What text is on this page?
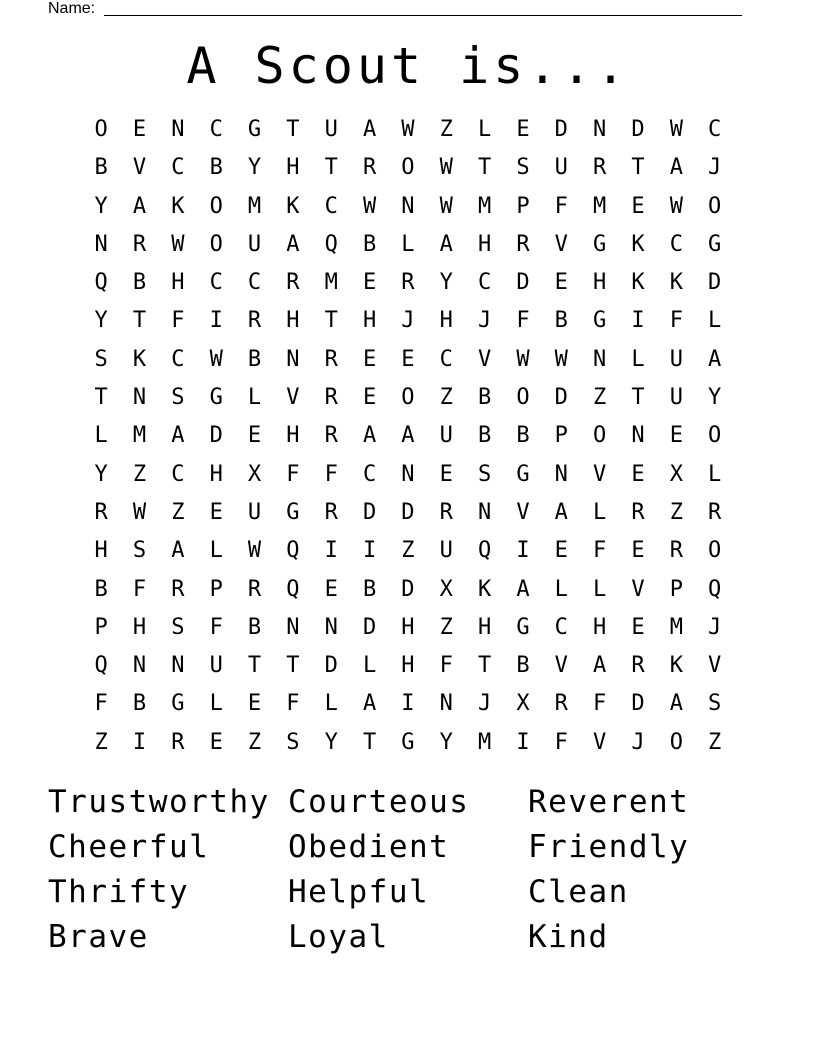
Name:
A Scout is...
O	E	N	C	G	T	U	A	W	Z	L	E	D	N	D	W	C
B	V	C	B	Y	H	T	R	O	W	T	S	U	R	T	A	J
Y	A	K	O	M	K	C	W	N	W	M	P	F	M	E	W	O
N	R	W	O	U	A	Q	B	L	A	H	R	V	G	K	C	G
Q	B	H	C	C	R	M	E	R	Y	C	D	E	H	K	K	D
Y	T	F	I	R	H	T	H	J	H	J	F	B	G	I	F	L
S	K	C	W	B	N	R	E	E	C	V	W	W	N	L	U	A
T	N	S	G	L	V	R	E	O	Z	B	O	D	Z	T	U	Y
L	M	A	D	E	H	R	A	A	U	B	B	P	O	N	E	O
Y	Z	C	H	X	F	F	C	N	E	S	G	N	V	E	X	L
R	W	Z	E	U	G	R	D	D	R	N	V	A	L	R	Z	R
H	S	A	L	W	Q	I	I	Z	U	Q	I	E	F	E	R	O
B	F	R	P	R	Q	E	B	D	X	K	A	L	L	V	P	Q
P	H	S	F	B	N	N	D	H	Z	H	G	C	H	E	M	J
Q	N	N	U	T	T	D	L	H	F	T	B	V	A	R	K	V
F	B	G	L	E	F	L	A	I	N	J	X	R	F	D	A	S
Z	I	R	E	Z	S	Y	T	G	Y	M	I	F	V	J	O	Z
Trustworthy Courteous	Reverent
Cheerful	Obedient	Friendly
Thrifty	Helpful	Clean
Brave	Loyal	Kind
